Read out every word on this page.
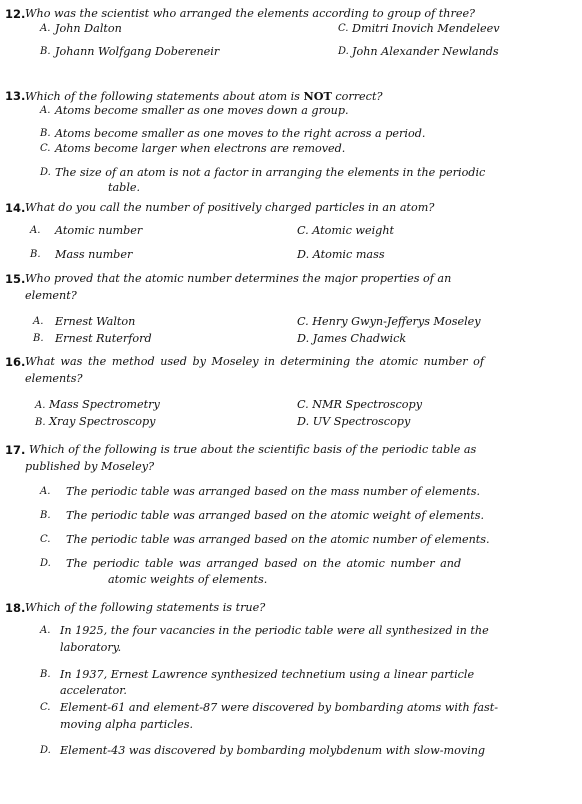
12. Who was the scientist who arranged the elements according to group of three?
A. John Dalton	C. Dmitri Inovich Mendeleev
B. Johann Wolfgang Dobereneir	D. John Alexander Newlands
13. Which of the following statements about atom is NOT correct?
A. Atoms become smaller as one moves down a group.
B. Atoms become smaller as one moves to the right across a period.
C. Atoms become larger when electrons are removed.
D. The size of an atom is not a factor in arranging the elements in the periodic
table.
14. What do you call the number of positively charged particles in an atom?
A. Atomic number	C. Atomic weight
B. Mass number	D. Atomic mass
15. Who proved that the atomic number determines the major properties of an
element?
A. Ernest Walton	C. Henry Gwyn-Jefferys Moseley
B. Ernest Ruterford	D. James Chadwick
16. What was the method used by Moseley in determining the atomic number of
elements?
A. Mass Spectrometry	C. NMR Spectroscopy
B. Xray Spectroscopy	D. UV Spectroscopy
17. Which of the following is true about the scientific basis of the periodic table as
published by Moseley?
A. The periodic table was arranged based on the mass number of elements.
B. The periodic table was arranged based on the atomic weight of elements.
C. The periodic table was arranged based on the atomic number of elements.
D. The periodic table was arranged based on the atomic number and
atomic weights of elements.
18. Which of the following statements is true?
A. In 1925, the four vacancies in the periodic table were all synthesized in the
laboratory.
B. In 1937, Ernest Lawrence synthesized technetium using a linear particle
accelerator.
C. Element-61 and element-87 were discovered by bombarding atoms with fast-
moving alpha particles.
D. Element-43 was discovered by bombarding molybdenum with slow-moving
